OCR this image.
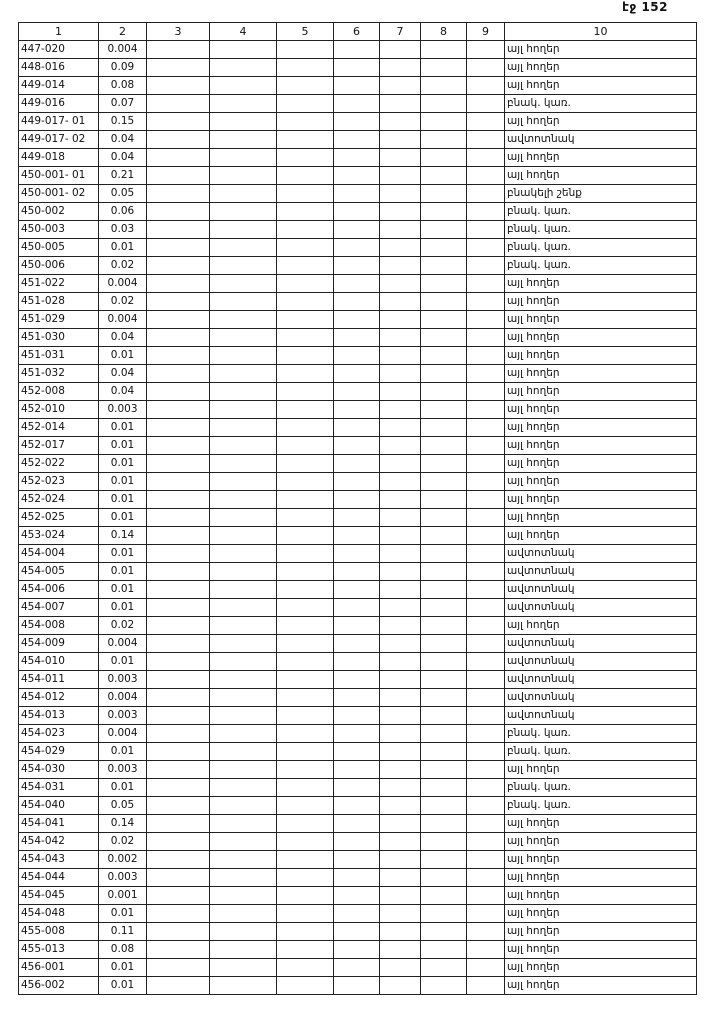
էջ 152
1	2	3	4	5	6	7	8	9	10
447-020	0.004								այլ հողեր
448-016	0.09								այլ հողեր
449-014	0.08								այլ հողեր
449-016	0.07								բնակ. կառ.
449-017- 01	0.15								այլ հողեր
449-017- 02	0.04								ավտոտնակ
449-018	0.04								այլ հողեր
450-001- 01	0.21								այլ հողեր
450-001- 02	0.05								բնակելի շենք
450-002	0.06								բնակ. կառ.
450-003	0.03								բնակ. կառ.
450-005	0.01								բնակ. կառ.
450-006	0.02								բնակ. կառ.
451-022	0.004								այլ հողեր
451-028	0.02								այլ հողեր
451-029	0.004								այլ հողեր
451-030	0.04								այլ հողեր
451-031	0.01								այլ հողեր
451-032	0.04								այլ հողեր
452-008	0.04								այլ հողեր
452-010	0.003								այլ հողեր
452-014	0.01								այլ հողեր
452-017	0.01								այլ հողեր
452-022	0.01								այլ հողեր
452-023	0.01								այլ հողեր
452-024	0.01								այլ հողեր
452-025	0.01								այլ հողեր
453-024	0.14								այլ հողեր
454-004	0.01								ավտոտնակ
454-005	0.01								ավտոտնակ
454-006	0.01								ավտոտնակ
454-007	0.01								ավտոտնակ
454-008	0.02								այլ հողեր
454-009	0.004								ավտոտնակ
454-010	0.01								ավտոտնակ
454-011	0.003								ավտոտնակ
454-012	0.004								ավտոտնակ
454-013	0.003								ավտոտնակ
454-023	0.004								բնակ. կառ.
454-029	0.01								բնակ. կառ.
454-030	0.003								այլ հողեր
454-031	0.01								բնակ. կառ.
454-040	0.05								բնակ. կառ.
454-041	0.14								այլ հողեր
454-042	0.02								այլ հողեր
454-043	0.002								այլ հողեր
454-044	0.003								այլ հողեր
454-045	0.001								այլ հողեր
454-048	0.01								այլ հողեր
455-008	0.11								այլ հողեր
455-013	0.08								այլ հողեր
456-001	0.01								այլ հողեր
456-002	0.01								այլ հողեր
